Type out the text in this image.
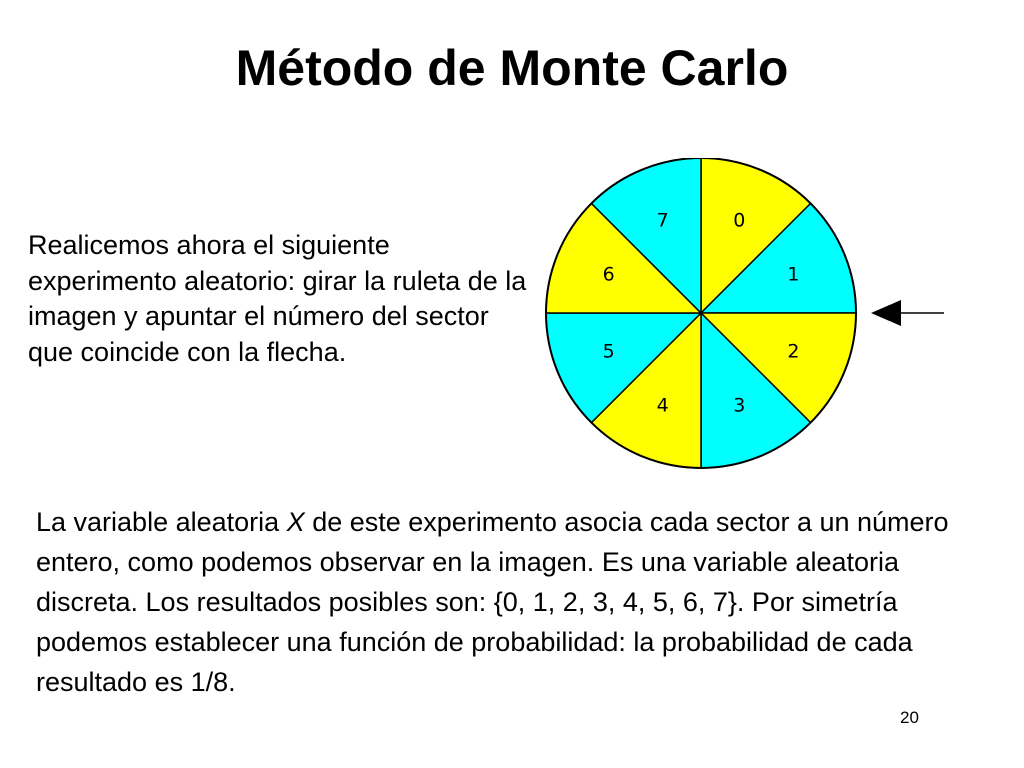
Método de Monte Carlo

Realicemos ahora el siguiente experimento aleatorio: girar la ruleta de la imagen y apuntar el número del sector que coincide con la flecha.

0
1
2
3
4
5
6
7

La variable aleatoria X de este experimento asocia cada sector a un número entero, como podemos observar en la imagen. Es una variable aleatoria discreta. Los resultados posibles son: {0, 1, 2, 3, 4, 5, 6, 7}. Por simetría podemos establecer una función de probabilidad: la probabilidad de cada resultado es 1/8.

20
